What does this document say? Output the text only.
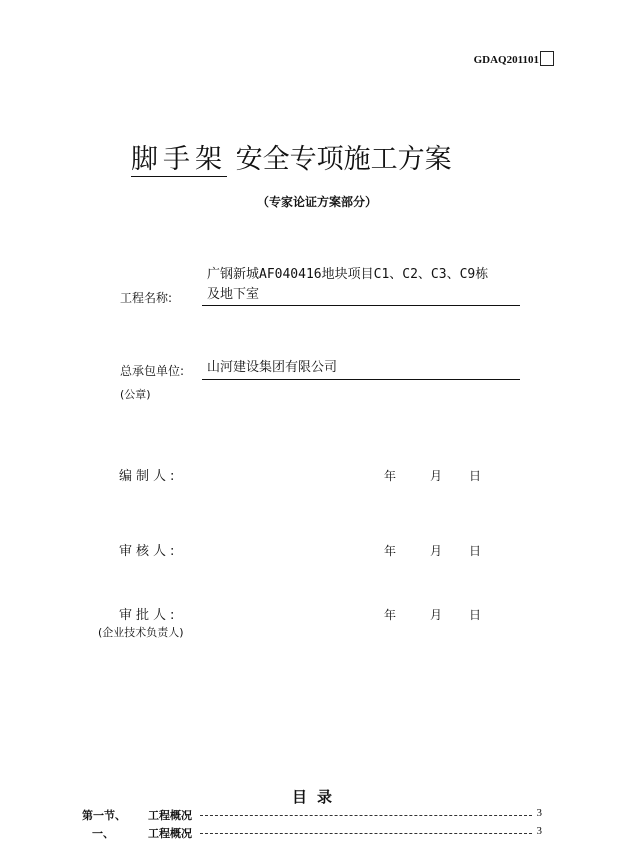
GDAQ201101
脚手架 安全专项施工方案
（专家论证方案部分）
工程名称:
广钢新城AF040416地块项目C1、C2、C3、C9栋
及地下室
总承包单位: 山河建设集团有限公司
(公章)
编制人:	年	月 日
审核人:	年	月 日
审批人:
(企业技术负责人)
年	月 日
目录
第一节、 工程概况	3
一、	工程概况	3
